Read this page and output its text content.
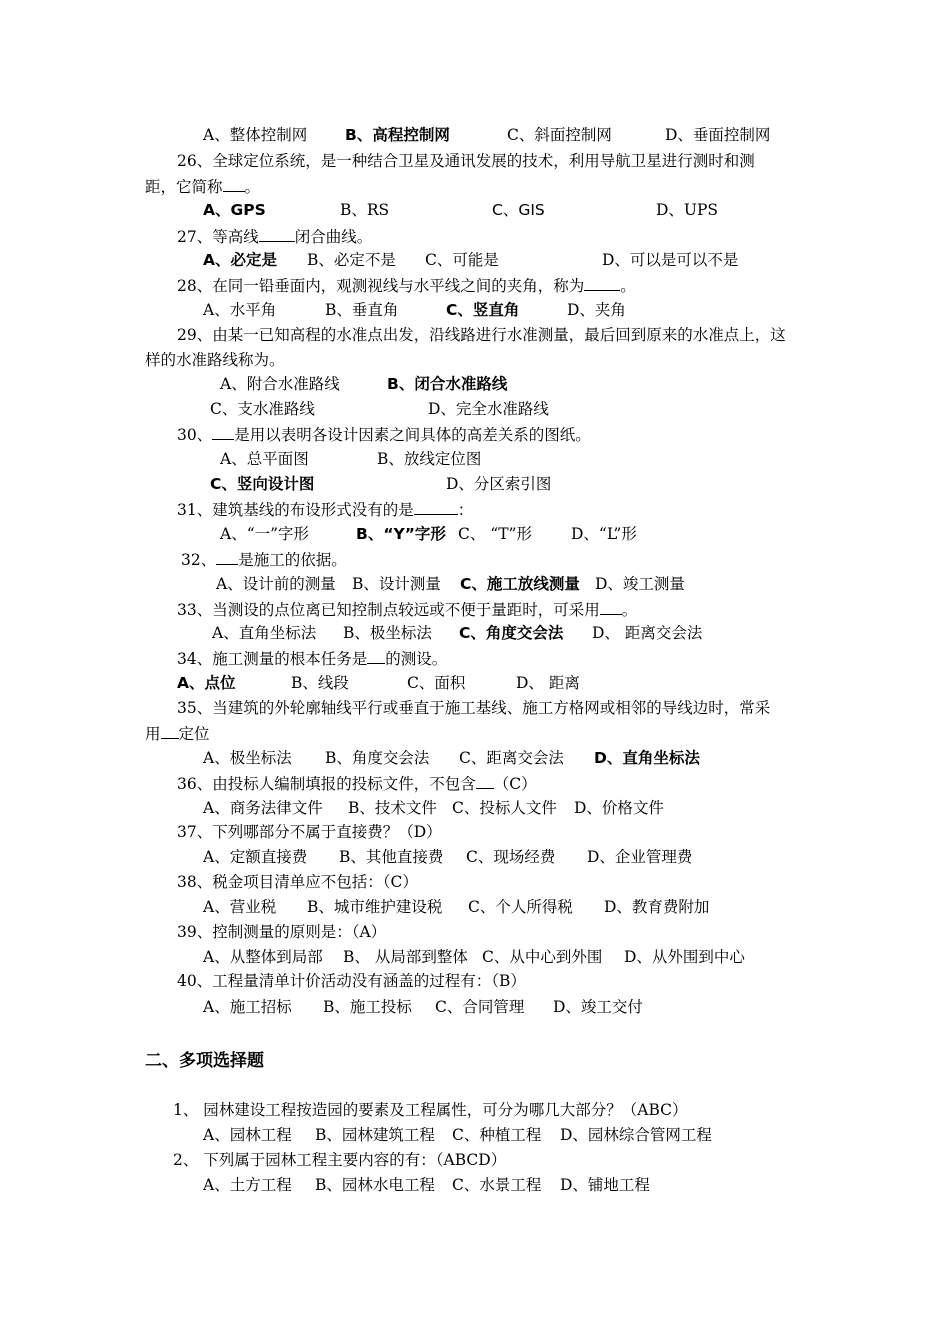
A、整体控制网 B、高程控制网	C、斜面控制网	D、垂面控制网
26、全球定位系统，是一种结合卫星及通讯发展的技术，利用导航卫星进行测时和测
距，它简称 。
A、GPS	B、RS	C、GIS	D、UPS
27、等高线 闭合曲线。
A、必定是 B、必定不是 C、可能是	D、可以是可以不是
28、在同一铅垂面内，观测视线与水平线之间的夹角，称为 。
A、水平角	B、垂直角	C、竖直角	D、夹角
29、由某一已知高程的水准点出发，沿线路进行水准测量，最后回到原来的水准点上，这
样的水准路线称为。
A、附合水准路线	B、闭合水准路线
C、支水准路线	D、完全水准路线
30、 是用以表明各设计因素之间具体的高差关系的图纸。
A、总平面图	B、放线定位图
C、竖向设计图	D、分区索引图
31、建筑基线的布设形式没有的是	：
A、“一”字形	B、“Y”字形 C、 “T”形	D、“L”形
32、 是施工的依据。
A、设计前的测量 B、设计测量 C、施工放线测量 D、竣工测量
33、当测设的点位离已知控制点较远或不便于量距时，可采用 。
A、直角坐标法 B、极坐标法 C、角度交会法 D、 距离交会法
34、施工测量的根本任务是 的测设。
A、点位	B、线段	C、面积	D、 距离
35、当建筑的外轮廓轴线平行或垂直于施工基线、施工方格网或相邻的导线边时，常采
用 定位
A、极坐标法 B、角度交会法 C、距离交会法 D、直角坐标法
36、由投标人编制填报的投标文件，不包含 （C）
A、商务法律文件 B、技术文件 C、投标人文件 D、价格文件
37、下列哪部分不属于直接费？（D）
A、定额直接费 B、其他直接费 C、现场经费 D、企业管理费
38、税金项目清单应不包括：（C）
A、营业税 B、城市维护建设税 C、个人所得税 D、教育费附加
39、控制测量的原则是：（A）
A、从整体到局部 B、 从局部到整体 C、从中心到外围 D、从外围到中心
40、工程量清单计价活动没有涵盖的过程有：（B）
A、施工招标 B、施工投标 C、合同管理 D、竣工交付
二、多项选择题
1、 园林建设工程按造园的要素及工程属性，可分为哪几大部分？（ABC）
A、园林工程 B、园林建筑工程 C、种植工程 D、园林综合管网工程
2、 下列属于园林工程主要内容的有：（ABCD）
A、土方工程 B、园林水电工程 C、水景工程 D、铺地工程
